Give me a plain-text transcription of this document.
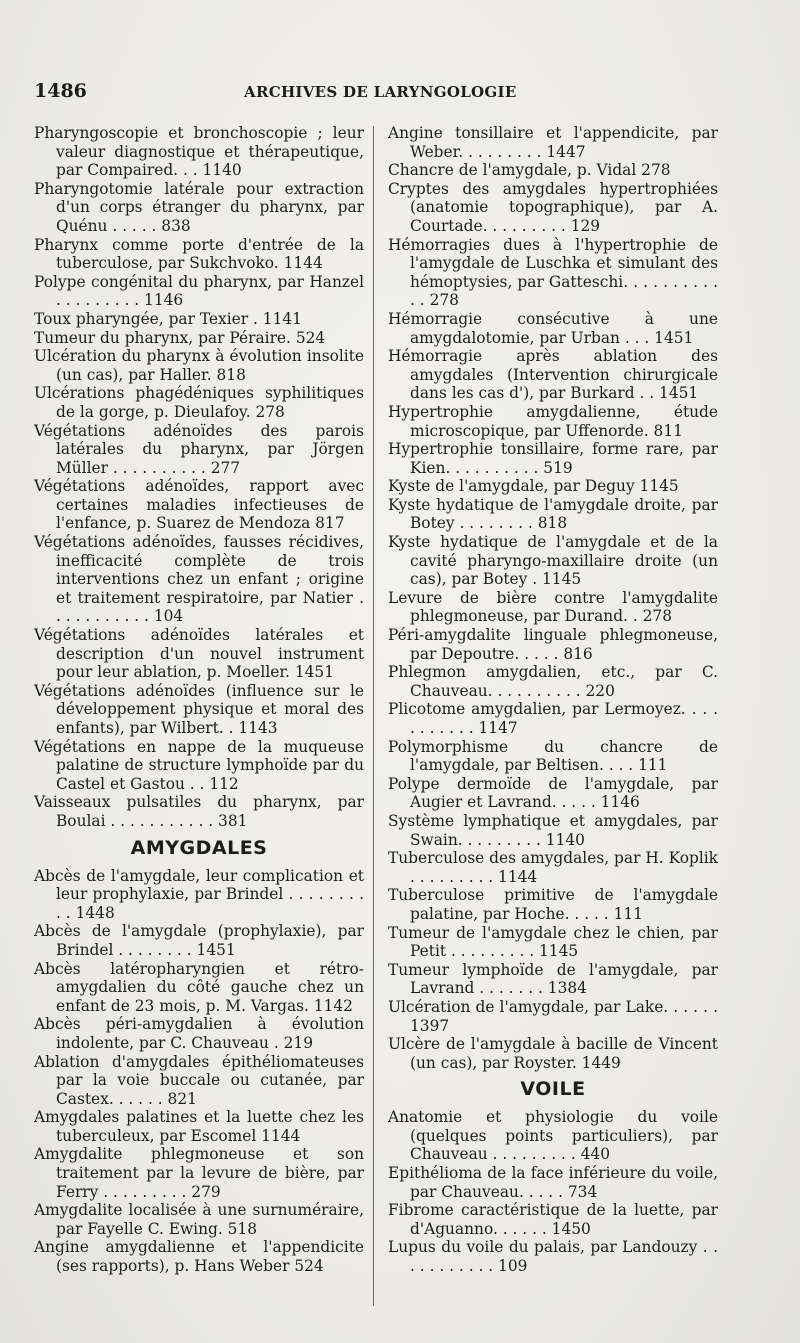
1486	ARCHIVES DE LARYNGOLOGIE
Pharyngoscopie et bronchoscopie ; leur valeur diagnostique et thérapeutique, par Compaired. . . 1140
Pharyngotomie latérale pour extraction d'un corps étranger du pharynx, par Quénu . . . . . 838
Pharynx comme porte d'entrée de la tuberculose, par Sukchvoko. 1144
Polype congénital du pharynx, par Hanzel . . . . . . . . . 1146
Toux pharyngée, par Texier . 1141
Tumeur du pharynx, par Péraire. 524
Ulcération du pharynx à évolution insolite (un cas), par Haller. 818
Ulcérations phagédéniques syphilitiques de la gorge, p. Dieulafoy. 278
Végétations adénoïdes des parois latérales du pharynx, par Jörgen Müller . . . . . . . . . . 277
Végétations adénoïdes, rapport avec certaines maladies infectieuses de l'enfance, p. Suarez de Mendoza 817
Végétations adénoïdes, fausses récidives, inefficacité complète de trois interventions chez un enfant ; origine et traitement respiratoire, par Natier . . . . . . . . . . . 104
Végétations adénoïdes latérales et description d'un nouvel instrument pour leur ablation, p. Moeller. 1451
Végétations adénoïdes (influence sur le développement physique et moral des enfants), par Wilbert. . 1143
Végétations en nappe de la muqueuse palatine de structure lymphoïde par du Castel et Gastou . . 112
Vaisseaux pulsatiles du pharynx, par Boulai . . . . . . . . . . . 381
AMYGDALES
Abcès de l'amygdale, leur complication et leur prophylaxie, par Brindel . . . . . . . . . . 1448
Abcès de l'amygdale (prophylaxie), par Brindel . . . . . . . . 1451
Abcès latéropharyngien et rétro-amygdalien du côté gauche chez un enfant de 23 mois, p. M. Vargas. 1142
Abcès péri-amygdalien à évolution indolente, par C. Chauveau . 219
Ablation d'amygdales épithéliomateuses par la voie buccale ou cutanée, par Castex. . . . . . 821
Amygdales palatines et la luette chez les tuberculeux, par Escomel 1144
Amygdalite phlegmoneuse et son traitement par la levure de bière, par Ferry . . . . . . . . . 279
Amygdalite localisée à une surnuméraire, par Fayelle C. Ewing. 518
Angine amygdalienne et l'appendicite (ses rapports), p. Hans Weber 524
Angine tonsillaire et l'appendicite, par Weber. . . . . . . . . 1447
Chancre de l'amygdale, p. Vidal 278
Cryptes des amygdales hypertrophiées (anatomie topographique), par A. Courtade. . . . . . . . . 129
Hémorragies dues à l'hypertrophie de l'amygdale de Luschka et simulant des hémoptysies, par Gatteschi. . . . . . . . . . . . 278
Hémorragie consécutive à une amygdalotomie, par Urban . . . 1451
Hémorragie après ablation des amygdales (Intervention chirurgicale dans les cas d'), par Burkard . . 1451
Hypertrophie amygdalienne, étude microscopique, par Uffenorde. 811
Hypertrophie tonsillaire, forme rare, par Kien. . . . . . . . . . 519
Kyste de l'amygdale, par Deguy 1145
Kyste hydatique de l'amygdale droite, par Botey . . . . . . . . 818
Kyste hydatique de l'amygdale et de la cavité pharyngo-maxillaire droite (un cas), par Botey . 1145
Levure de bière contre l'amygdalite phlegmoneuse, par Durand. . 278
Péri-amygdalite linguale phlegmoneuse, par Depoutre. . . . . 816
Phlegmon amygdalien, etc., par C. Chauveau. . . . . . . . . . 220
Plicotome amygdalien, par Lermoyez. . . . . . . . . . . 1147
Polymorphisme du chancre de l'amygdale, par Beltisen. . . . 111
Polype dermoïde de l'amygdale, par Augier et Lavrand. . . . . 1146
Système lymphatique et amygdales, par Swain. . . . . . . . . 1140
Tuberculose des amygdales, par H. Koplik . . . . . . . . . 1144
Tuberculose primitive de l'amygdale palatine, par Hoche. . . . . 111
Tumeur de l'amygdale chez le chien, par Petit . . . . . . . . . 1145
Tumeur lymphoïde de l'amygdale, par Lavrand . . . . . . . 1384
Ulcération de l'amygdale, par Lake. . . . . . 1397
Ulcère de l'amygdale à bacille de Vincent (un cas), par Royster. 1449
VOILE
Anatomie et physiologie du voile (quelques points particuliers), par Chauveau . . . . . . . . . 440
Epithélioma de la face inférieure du voile, par Chauveau. . . . . 734
Fibrome caractéristique de la luette, par d'Aguanno. . . . . . 1450
Lupus du voile du palais, par Landouzy . . . . . . . . . . . 109
